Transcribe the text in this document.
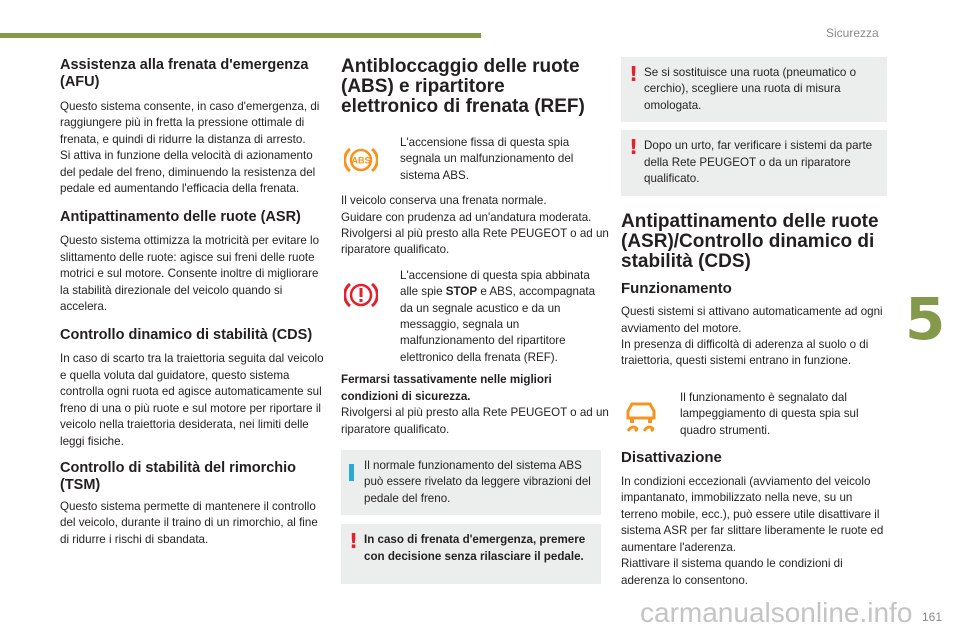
Sicurezza
5
Assistenza alla frenata d'emergenza (AFU)

Questo sistema consente, in caso d'emergenza, di raggiungere più in fretta la pressione ottimale di frenata, e quindi di ridurre la distanza di arresto.
Si attiva in funzione della velocità di azionamento del pedale del freno, diminuendo la resistenza del pedale ed aumentando l'efficacia della frenata.

Antipattinamento delle ruote (ASR)

Questo sistema ottimizza la motricità per evitare lo slittamento delle ruote: agisce sui freni delle ruote motrici e sul motore. Consente inoltre di migliorare la stabilità direzionale del veicolo quando si accelera.

Controllo dinamico di stabilità (CDS)

In caso di scarto tra la traiettoria seguita dal veicolo e quella voluta dal guidatore, questo sistema controlla ogni ruota ed agisce automaticamente sul freno di una o più ruote e sul motore per riportare il veicolo nella traiettoria desiderata, nei limiti delle leggi fisiche.

Controllo di stabilità del rimorchio (TSM)

Questo sistema permette di mantenere il controllo del veicolo, durante il traino di un rimorchio, al fine di ridurre i rischi di sbandata.

Antibloccaggio delle ruote (ABS) e ripartitore elettronico di frenata (REF)
ABS

L'accensione fissa di questa spia segnala un malfunzionamento del sistema ABS.

Il veicolo conserva una frenata normale.
Guidare con prudenza ad un'andatura moderata.
Rivolgersi al più presto alla Rete PEUGEOT o ad un riparatore qualificato.

L'accensione di questa spia abbinata alle spie STOP e ABS, accompagnata da un segnale acustico e da un messaggio, segnala un malfunzionamento del ripartitore elettronico della frenata (REF).

Fermarsi tassativamente nelle migliori condizioni di sicurezza.

Rivolgersi al più presto alla Rete PEUGEOT o ad un riparatore qualificato.

Il normale funzionamento del sistema ABS può essere rivelato da leggere vibrazioni del pedale del freno.

! In caso di frenata d'emergenza, premere con decisione senza rilasciare il pedale.

! Se si sostituisce una ruota (pneumatico o cerchio), scegliere una ruota di misura omologata.

! Dopo un urto, far verificare i sistemi da parte della Rete PEUGEOT o da un riparatore qualificato.

Antipattinamento delle ruote (ASR)/Controllo dinamico di stabilità (CDS)
Funzionamento

Questi sistemi si attivano automaticamente ad ogni avviamento del motore.
In presenza di difficoltà di aderenza al suolo o di traiettoria, questi sistemi entrano in funzione.

Il funzionamento è segnalato dal lampeggiamento di questa spia sul quadro strumenti.

Disattivazione

In condizioni eccezionali (avviamento del veicolo impantanato, immobilizzato nella neve, su un terreno mobile, ecc.), può essere utile disattivare il sistema ASR per far slittare liberamente le ruote ed aumentare l'aderenza.
Riattivare il sistema quando le condizioni di aderenza lo consentono.

carmanualsonline.info 161
